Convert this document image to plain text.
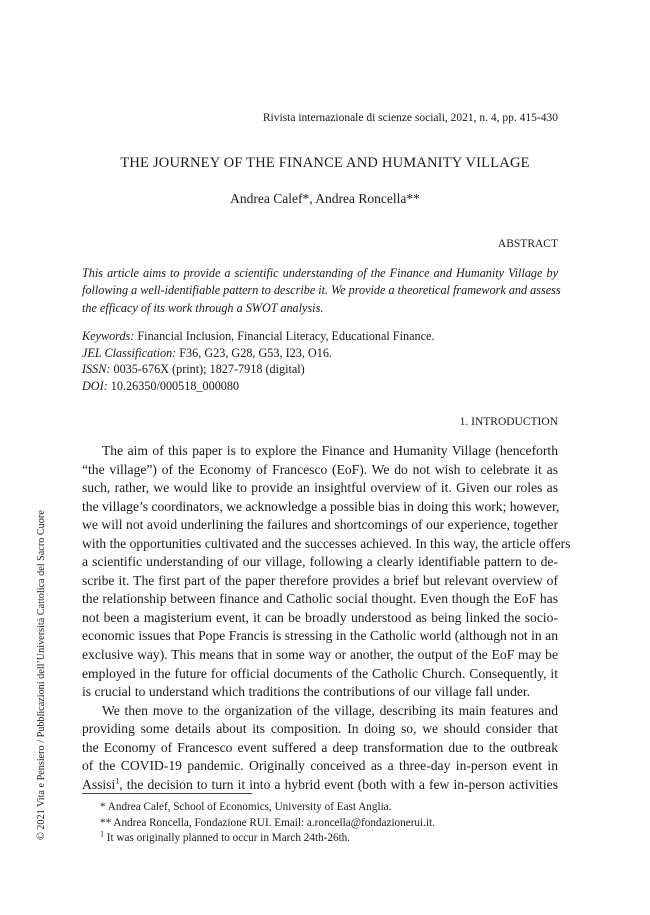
Rivista internazionale di scienze sociali, 2021, n. 4, pp. 415-430
THE JOURNEY OF THE FINANCE AND HUMANITY VILLAGE
Andrea Calef*, Andrea Roncella**
ABSTRACT
This article aims to provide a scientific understanding of the Finance and Humanity Village by
following a well-identifiable pattern to describe it. We provide a theoretical framework and assess
the efficacy of its work through a SWOT analysis.
Keywords: Financial Inclusion, Financial Literacy, Educational Finance.
JEL Classification: F36, G23, G28, G53, I23, O16.
ISSN: 0035-676X (print); 1827-7918 (digital)
DOI: 10.26350/000518_000080
1. INTRODUCTION
The aim of this paper is to explore the Finance and Humanity Village (henceforth
“the village”) of the Economy of Francesco (EoF). We do not wish to celebrate it as
such, rather, we would like to provide an insightful overview of it. Given our roles as
the village’s coordinators, we acknowledge a possible bias in doing this work; however,
we will not avoid underlining the failures and shortcomings of our experience, together
with the opportunities cultivated and the successes achieved. In this way, the article offers
a scientific understanding of our village, following a clearly identifiable pattern to de-
scribe it. The first part of the paper therefore provides a brief but relevant overview of
the relationship between finance and Catholic social thought. Even though the EoF has
not been a magisterium event, it can be broadly understood as being linked the socio-
economic issues that Pope Francis is stressing in the Catholic world (although not in an
exclusive way). This means that in some way or another, the output of the EoF may be
employed in the future for official documents of the Catholic Church. Consequently, it
is crucial to understand which traditions the contributions of our village fall under.
We then move to the organization of the village, describing its main features and
providing some details about its composition. In doing so, we should consider that
the Economy of Francesco event suffered a deep transformation due to the outbreak
of the COVID-19 pandemic. Originally conceived as a three-day in-person event in
Assisi$^1$, the decision to turn it into a hybrid event (both with a few in-person activities
* Andrea Calef, School of Economics, University of East Anglia.
** Andrea Roncella, Fondazione RUI. Email: a.roncella@fondazionerui.it.
$^1$ It was originally planned to occur in March 24th-26th.
© 2021 Vita e Pensiero / Pubblicazioni dell’Università Cattolica del Sacro Cuore
